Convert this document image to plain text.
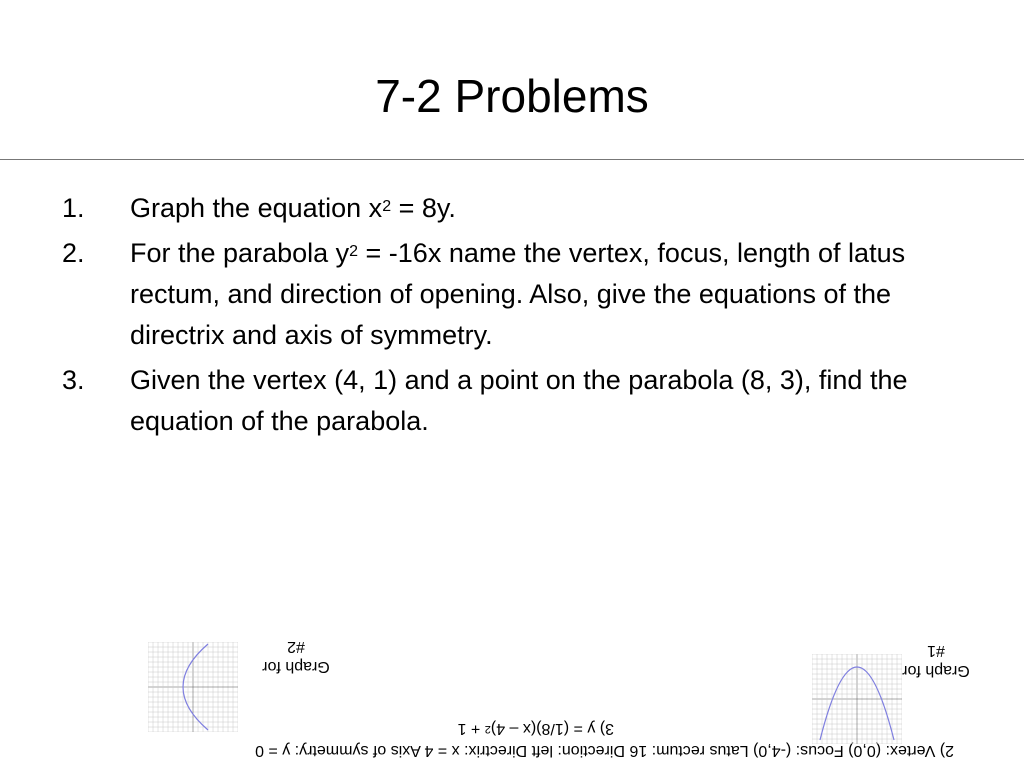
7-2 Problems
1.	Graph the equation $x^2 = 8y$.
2.	For the parabola $y^2 = -16x$ name the vertex, focus, length of latus rectum, and direction of opening. Also, give the equations of the directrix and axis of symmetry.
3.	Given the vertex (4, 1) and a point on the parabola (8, 3), find the equation of the parabola.
2) Vertex: (0,0) Focus: (-4,0) Latus rectum: 16 Direction: left Directrix: x = 4 Axis of symmetry: y = 0
3) y = (1/8)(x – 4)$^2$ + 1
Graph for
#1
Graph for
#2
